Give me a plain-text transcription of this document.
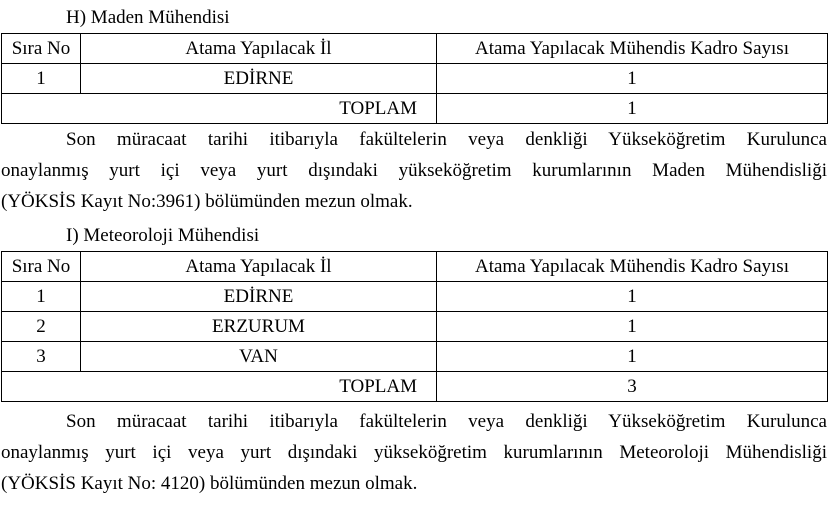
H) Maden Mühendisi
Sıra No	Atama Yapılacak İl	Atama Yapılacak Mühendis Kadro Sayısı
1	EDİRNE	1
TOPLAM		1
Son müracaat tarihi itibarıyla fakültelerin veya denkliği Yükseköğretim Kurulunca
onaylanmış yurt içi veya yurt dışındaki yükseköğretim kurumlarının Maden Mühendisliği
(YÖKSİS Kayıt No:3961) bölümünden mezun olmak.
I) Meteoroloji Mühendisi
Sıra No	Atama Yapılacak İl	Atama Yapılacak Mühendis Kadro Sayısı
1	EDİRNE	1
2	ERZURUM	1
3	VAN	1
TOPLAM		3
Son müracaat tarihi itibarıyla fakültelerin veya denkliği Yükseköğretim Kurulunca
onaylanmış yurt içi veya yurt dışındaki yükseköğretim kurumlarının Meteoroloji Mühendisliği
(YÖKSİS Kayıt No: 4120) bölümünden mezun olmak.
